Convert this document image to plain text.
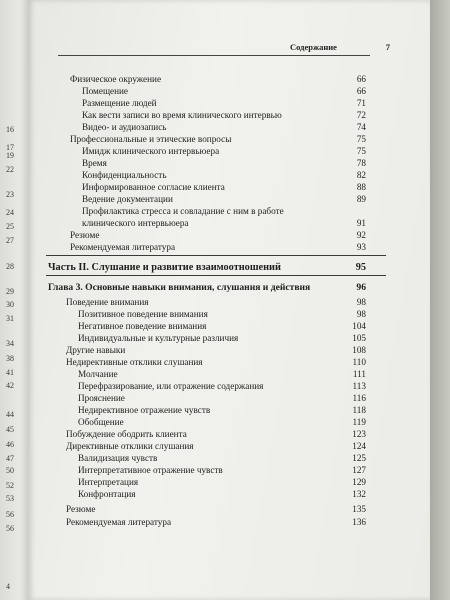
16
17
19
22
23
24
25
27
28
29
30
31
34
38
41
42
44
45
46
47
50
52
53
56
56
4
Содержание	7
Физическое окружение	66
Помещение	66
Размещение людей	71
Как вести записи во время клинического интервью	72
Видео- и аудиозапись	74
Профессиональные и этические вопросы	75
Имидж клинического интервьюера	75
Время	78
Конфиденциальность	82
Информированное согласие клиента	88
Ведение документации	89
Профилактика стресса и совладание с ним в работе
клинического интервьюера	91
Резюме	92
Рекомендуемая литература	93
Часть II. Слушание и развитие взаимоотношений	95
Глава 3. Основные навыки внимания, слушания и действия	96
Поведение внимания	98
Позитивное поведение внимания	98
Негативное поведение внимания	104
Индивидуальные и культурные различия	105
Другие навыки	108
Недирективные отклики слушания	110
Молчание	111
Перефразирование, или отражение содержания	113
Прояснение	116
Недирективное отражение чувств	118
Обобщение	119
Побуждение ободрить клиента	123
Директивные отклики слушания	124
Валидизация чувств	125
Интерпретативное отражение чувств	127
Интерпретация	129
Конфронтация	132
Резюме	135
Рекомендуемая литература	136
